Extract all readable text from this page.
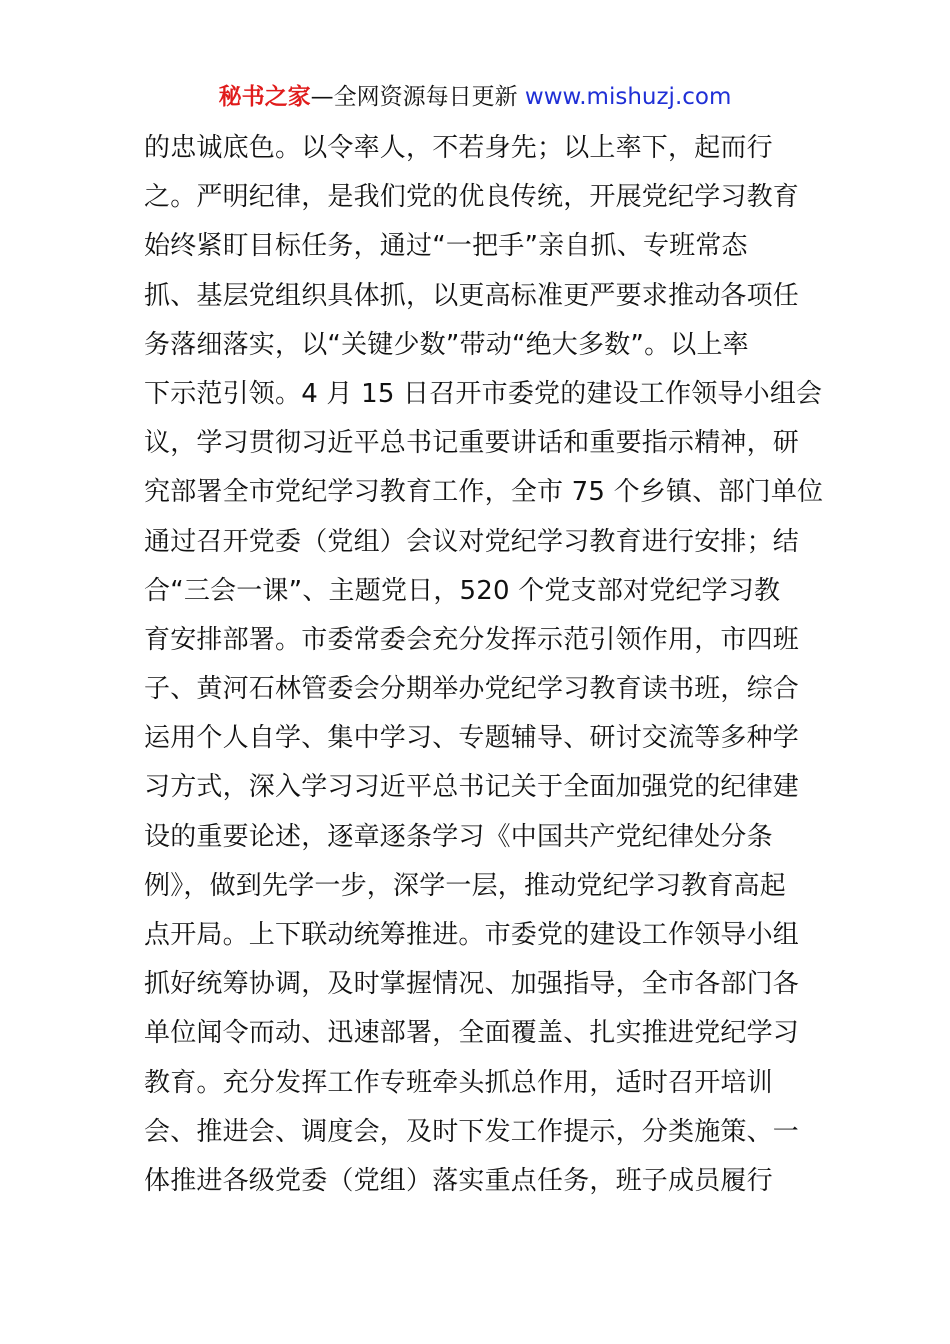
秘书之家—全网资源每日更新 www.mishuzj.com
的忠诚底色。以令率人，不若身先；以上率下，起而行
之。严明纪律，是我们党的优良传统，开展党纪学习教育
始终紧盯目标任务，通过“一把手”亲自抓、专班常态
抓、基层党组织具体抓，以更高标准更严要求推动各项任
务落细落实，以“关键少数”带动“绝大多数”。以上率
下示范引领。4 月 15 日召开市委党的建设工作领导小组会
议，学习贯彻习近平总书记重要讲话和重要指示精神，研
究部署全市党纪学习教育工作，全市 75 个乡镇、部门单位
通过召开党委（党组）会议对党纪学习教育进行安排；结
合“三会一课”、主题党日，520 个党支部对党纪学习教
育安排部署。市委常委会充分发挥示范引领作用，市四班
子、黄河石林管委会分期举办党纪学习教育读书班，综合
运用个人自学、集中学习、专题辅导、研讨交流等多种学
习方式，深入学习习近平总书记关于全面加强党的纪律建
设的重要论述，逐章逐条学习《中国共产党纪律处分条
例》，做到先学一步，深学一层，推动党纪学习教育高起
点开局。上下联动统筹推进。市委党的建设工作领导小组
抓好统筹协调，及时掌握情况、加强指导，全市各部门各
单位闻令而动、迅速部署，全面覆盖、扎实推进党纪学习
教育。充分发挥工作专班牵头抓总作用，适时召开培训
会、推进会、调度会，及时下发工作提示，分类施策、一
体推进各级党委（党组）落实重点任务，班子成员履行
